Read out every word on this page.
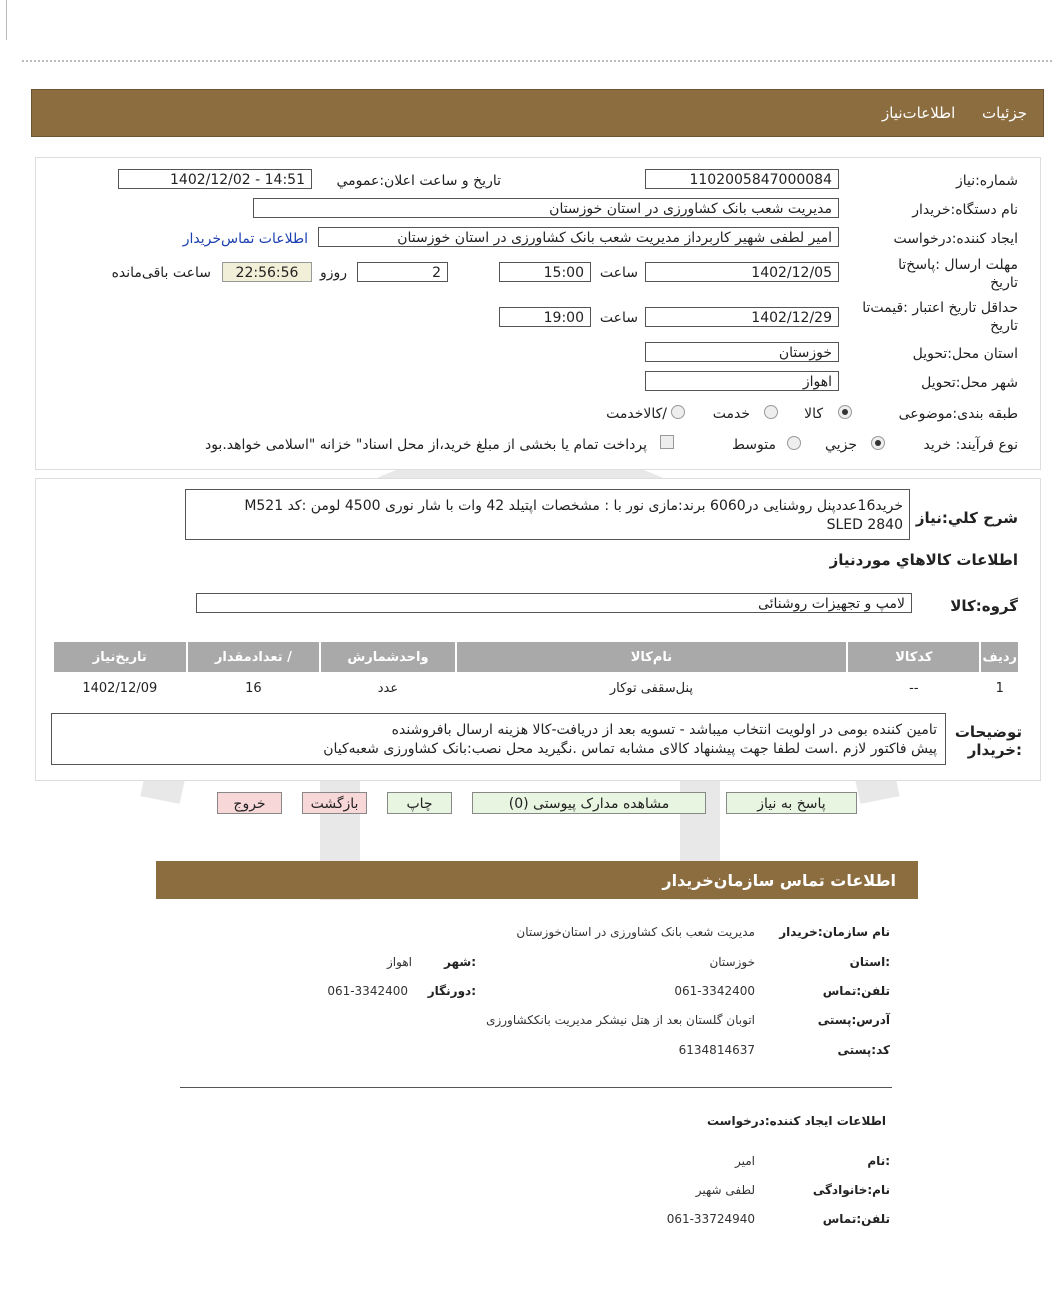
جزئيات اطلاعات‌نیاز
شماره:نیاز
1102005847000084
تاریخ و ساعت اعلان:عمومي
1402/12/02 - 14:51
نام دستگاه:خریدار
مدیریت شعب بانک کشاورزی در استان خوزستان
ایجاد کننده:درخواست
امیر لطفی شهیر کاربرداز مدیریت شعب بانک کشاورزی در استان خوزستان
اطلاعات تماس‌خریدار
مهلت ارسال :پاسخ‌تا تاریخ
1402/12/05
ساعت
15:00
2
روزو
22:56:56
ساعت باقی‌مانده
حداقل تاریخ اعتبار :قیمت‌تا تاریخ
1402/12/29
ساعت
19:00
استان محل:تحویل
خوزستان
شهر محل:تحویل
اهواز
طبقه بندی:موضوعی
کالا
خدمت
/کالاخدمت
نوع فرآیند: خرید
جزيي
متوسط
پرداخت تمام یا بخشی از مبلغ خرید،از محل اسناد" خزانه "اسلامی خواهد.بود
شرح کلي:نياز
خرید16عددپنل روشنایی در6060 برند:مازی نور با : مشخصات اپتیلد 42 وات با شار نوری 4500 لومن :کد M521
SLED 2840
اطلاعات کالاهاي موردنياز
گروه:کالا
لامپ و تجهیزات روشنائی
رديف	کدکالا	نام‌کالا	واحدشمارش	/ تعدادمقدار	تاريخ‌نياز
1	--	پنل‌سقفی توکار	عدد	16	1402/12/09
توضيحات :خريدار
تامین کننده بومی در اولویت انتخاب میباشد - تسویه بعد از دریافت-کالا هزینه ارسال بافروشنده
پیش فاکتور لازم .است لطفا جهت پیشنهاد کالای مشابه تماس .نگیرید محل نصب:بانک کشاورزی شعبه‌کیان
پاسخ به نیاز
مشاهده مدارک پیوستی (0)
چاپ
بازگشت
خروج
اطلاعات تماس سازمان‌خریدار
نام سازمان:خریدار
مدیریت شعب بانک کشاورزی در استان‌خوزستان
:استان
خوزستان
:شهر
اهواز
تلفن:تماس
061-3342400
:دورنگار
061-3342400
آدرس:پستی
اتوبان گلستان بعد از هتل نیشکر مدیریت بانککشاورزی
کد:پستی
6134814637
اطلاعات ایجاد کننده:درخواست
:نام
امیر
نام:خانوادگی
لطفی شهیر
تلفن:تماس
061-33724940
